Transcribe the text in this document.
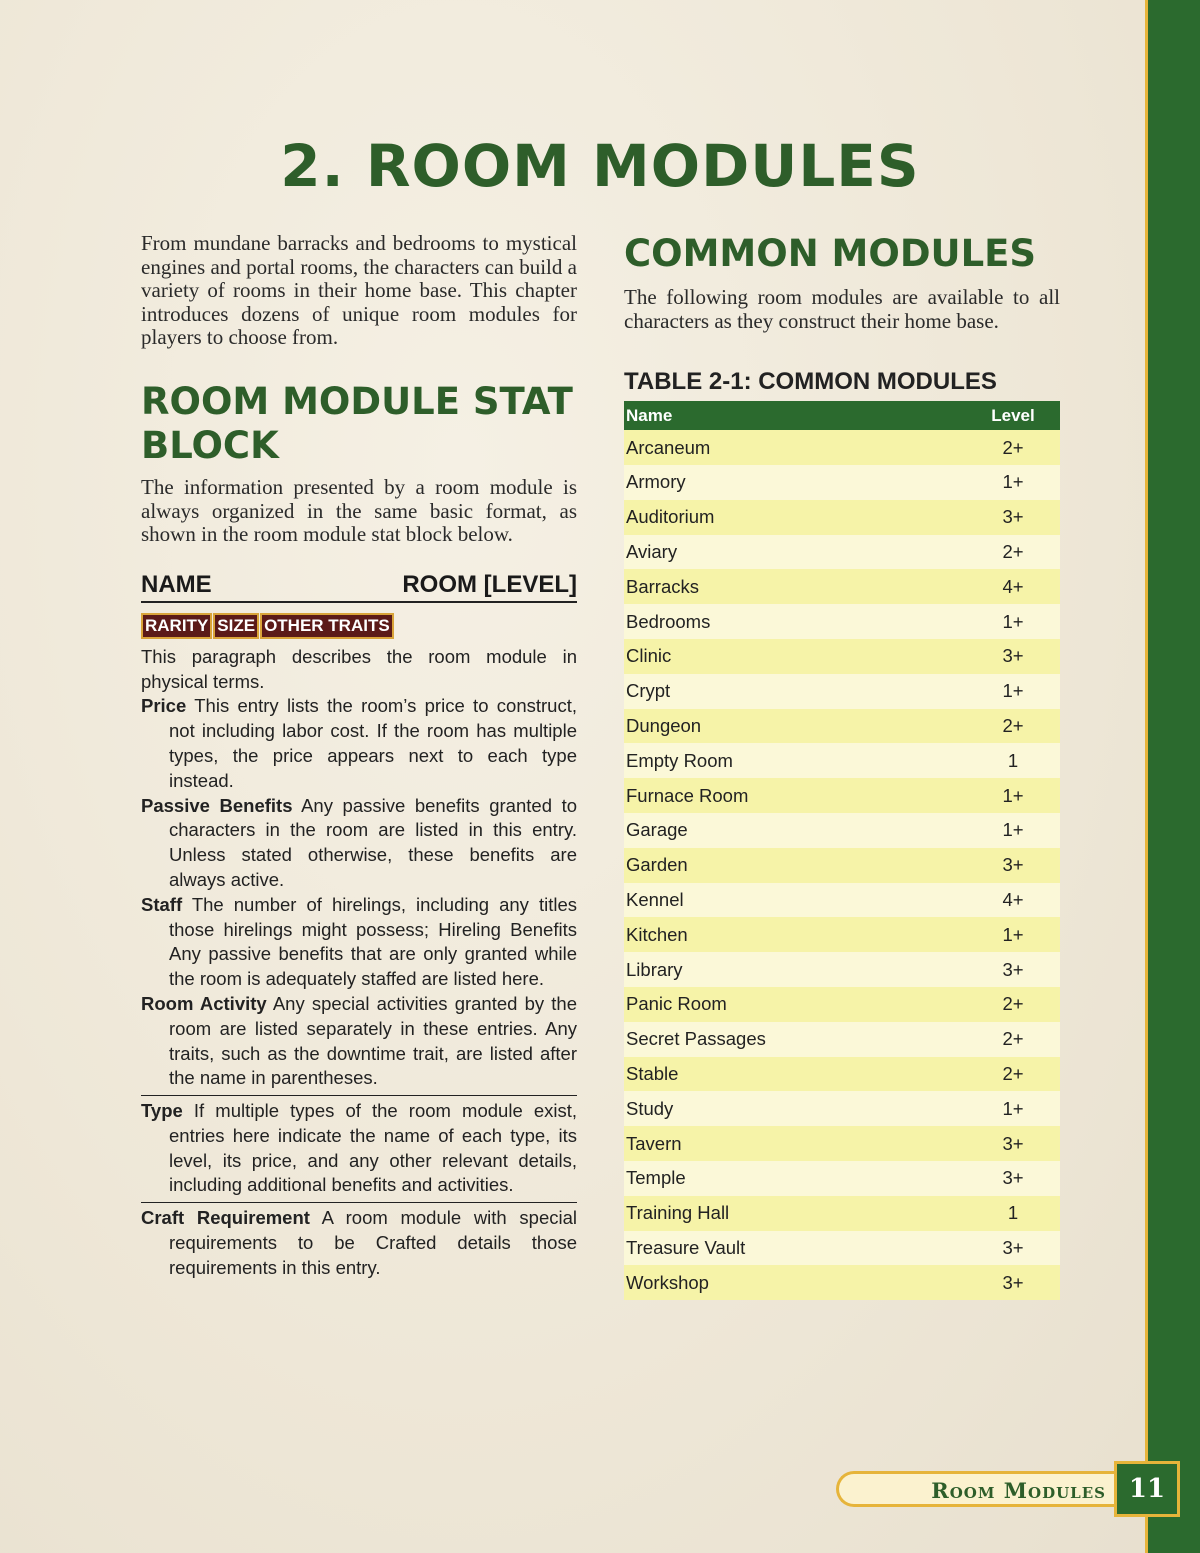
2. ROOM MODULES

From mundane barracks and bedrooms to mystical engines and portal rooms, the characters can build a variety of rooms in their home base. This chapter introduces dozens of unique room modules for players to choose from.

ROOM MODULE STAT BLOCK

The information presented by a room module is always organized in the same basic format, as shown in the room module stat block below.

NAME	ROOM [LEVEL]
RARITY SIZE OTHER TRAITS

This paragraph describes the room module in physical terms.

Price This entry lists the room’s price to construct, not including labor cost. If the room has multiple types, the price appears next to each type instead.

Passive Benefits Any passive benefits granted to characters in the room are listed in this entry. Unless stated otherwise, these benefits are always active.

Staff The number of hirelings, including any titles those hirelings might possess; Hireling Benefits Any passive benefits that are only granted while the room is adequately staffed are listed here.

Room Activity Any special activities granted by the room are listed separately in these entries. Any traits, such as the downtime trait, are listed after the name in parentheses.

Type If multiple types of the room module exist, entries here indicate the name of each type, its level, its price, and any other relevant details, including additional benefits and activities.

Craft Requirement A room module with special requirements to be Crafted details those requirements in this entry.

COMMON MODULES

The following room modules are available to all characters as they construct their home base.

TABLE 2-1: COMMON MODULES
Name	Level
Arcaneum	2+
Armory	1+
Auditorium	3+
Aviary	2+
Barracks	4+
Bedrooms	1+
Clinic	3+
Crypt	1+
Dungeon	2+
Empty Room	1
Furnace Room	1+
Garage	1+
Garden	3+
Kennel	4+
Kitchen	1+
Library	3+
Panic Room	2+
Secret Passages	2+
Stable	2+
Study	1+
Tavern	3+
Temple	3+
Training Hall	1
Treasure Vault	3+
Workshop	3+
Room Modules 11
